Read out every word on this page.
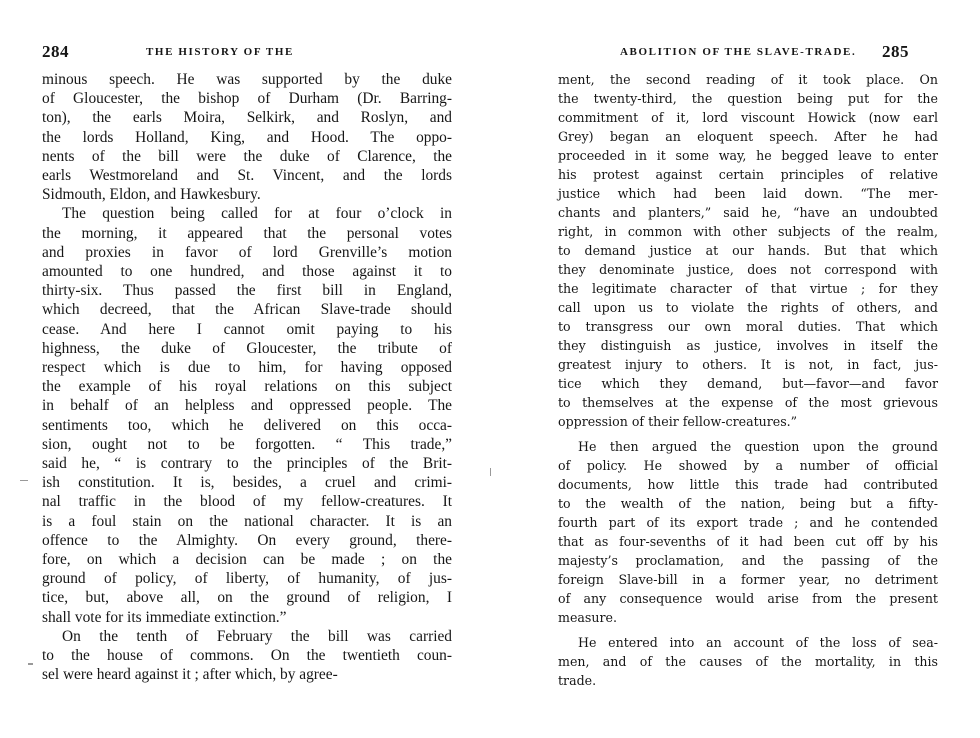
284	THE HISTORY OF THE
minous speech. He was supported by the duke
of Gloucester, the bishop of Durham (Dr. Barring-
ton), the earls Moira, Selkirk, and Roslyn, and
the lords Holland, King, and Hood. The oppo-
nents of the bill were the duke of Clarence, the
earls Westmoreland and St. Vincent, and the lords
Sidmouth, Eldon, and Hawkesbury.
The question being called for at four o’clock in
the morning, it appeared that the personal votes
and proxies in favor of lord Grenville’s motion
amounted to one hundred, and those against it to
thirty-six. Thus passed the first bill in England,
which decreed, that the African Slave-trade should
cease. And here I cannot omit paying to his
highness, the duke of Gloucester, the tribute of
respect which is due to him, for having opposed
the example of his royal relations on this subject
in behalf of an helpless and oppressed people. The
sentiments too, which he delivered on this occa-
sion, ought not to be forgotten. “ This trade,”
said he, “ is contrary to the principles of the Brit-
ish constitution. It is, besides, a cruel and crimi-
nal traffic in the blood of my fellow-creatures. It
is a foul stain on the national character. It is an
offence to the Almighty. On every ground, there-
fore, on which a decision can be made ; on the
ground of policy, of liberty, of humanity, of jus-
tice, but, above all, on the ground of religion, I
shall vote for its immediate extinction.”
On the tenth of February the bill was carried
to the house of commons. On the twentieth coun-
sel were heard against it ; after which, by agree-
ABOLITION OF THE SLAVE-TRADE. 285
ment, the second reading of it took place. On
the twenty-third, the question being put for the
commitment of it, lord viscount Howick (now earl
Grey) began an eloquent speech. After he had
proceeded in it some way, he begged leave to enter
his protest against certain principles of relative
justice which had been laid down. “The mer-
chants and planters,” said he, “have an undoubted
right, in common with other subjects of the realm,
to demand justice at our hands. But that which
they denominate justice, does not correspond with
the legitimate character of that virtue ; for they
call upon us to violate the rights of others, and
to transgress our own moral duties. That which
they distinguish as justice, involves in itself the
greatest injury to others. It is not, in fact, jus-
tice which they demand, but—favor—and favor
to themselves at the expense of the most grievous
oppression of their fellow-creatures.”
He then argued the question upon the ground
of policy. He showed by a number of official
documents, how little this trade had contributed
to the wealth of the nation, being but a fifty-
fourth part of its export trade ; and he contended
that as four-sevenths of it had been cut off by his
majesty’s proclamation, and the passing of the
foreign Slave-bill in a former year, no detriment
of any consequence would arise from the present
measure.
He entered into an account of the loss of sea-
men, and of the causes of the mortality, in this
trade.
